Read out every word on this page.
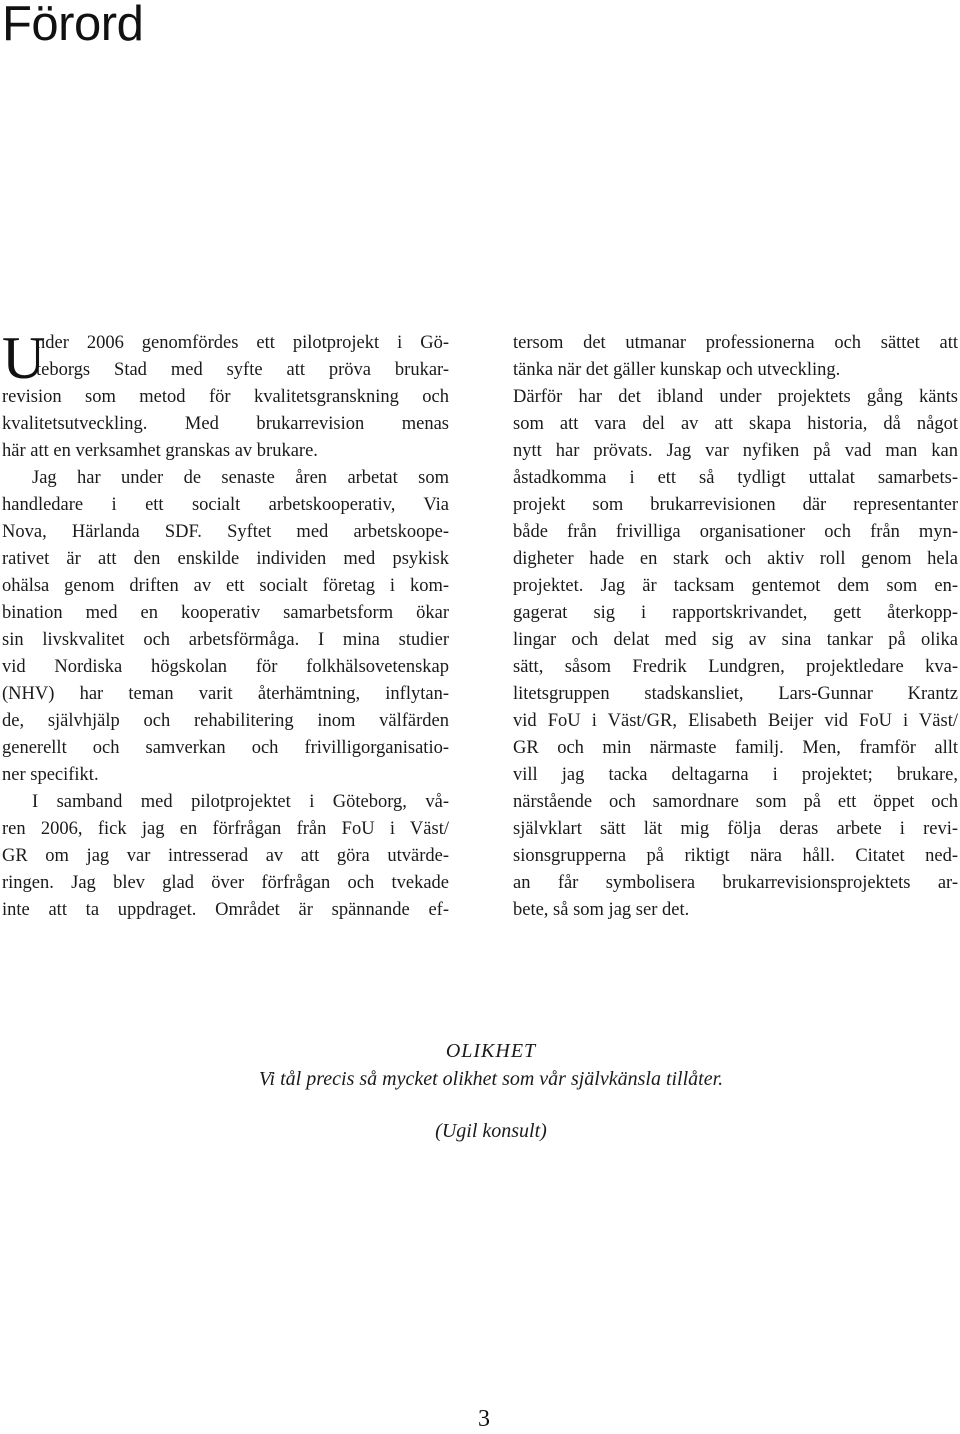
Förord
U
nder 2006 genomfördes ett pilotprojekt i Gö-
teborgs Stad med syfte att pröva brukar-
revision som metod för kvalitetsgranskning och
kvalitetsutveckling. Med brukarrevision menas
här att en verksamhet granskas av brukare.
Jag har under de senaste åren arbetat som
handledare i ett socialt arbetskooperativ, Via
Nova, Härlanda SDF. Syftet med arbetskoope-
rativet är att den enskilde individen med psykisk
ohälsa genom driften av ett socialt företag i kom-
bination med en kooperativ samarbetsform ökar
sin livskvalitet och arbetsförmåga. I mina studier
vid Nordiska högskolan för folkhälsovetenskap
(NHV) har teman varit återhämtning, inflytan-
de, självhjälp och rehabilitering inom välfärden
generellt och samverkan och frivilligorganisatio-
ner specifikt.
I samband med pilotprojektet i Göteborg, vå-
ren 2006, fick jag en förfrågan från FoU i Väst/
GR om jag var intresserad av att göra utvärde-
ringen. Jag blev glad över förfrågan och tvekade
inte att ta uppdraget. Området är spännande ef-
tersom det utmanar professionerna och sättet att
tänka när det gäller kunskap och utveckling.
Därför har det ibland under projektets gång känts
som att vara del av att skapa historia, då något
nytt har prövats. Jag var nyfiken på vad man kan
åstadkomma i ett så tydligt uttalat samarbets-
projekt som brukarrevisionen där representanter
både från frivilliga organisationer och från myn-
digheter hade en stark och aktiv roll genom hela
projektet. Jag är tacksam gentemot dem som en-
gagerat sig i rapportskrivandet, gett återkopp-
lingar och delat med sig av sina tankar på olika
sätt, såsom Fredrik Lundgren, projektledare kva-
litetsgruppen stadskansliet, Lars-Gunnar Krantz
vid FoU i Väst/GR, Elisabeth Beijer vid FoU i Väst/
GR och min närmaste familj. Men, framför allt
vill jag tacka deltagarna i projektet; brukare,
närstående och samordnare som på ett öppet och
självklart sätt lät mig följa deras arbete i revi-
sionsgrupperna på riktigt nära håll. Citatet ned-
an får symbolisera brukarrevisionsprojektets ar-
bete, så som jag ser det.
OLIKHET
Vi tål precis så mycket olikhet som vår självkänsla tillåter.
(Ugil konsult)
3
